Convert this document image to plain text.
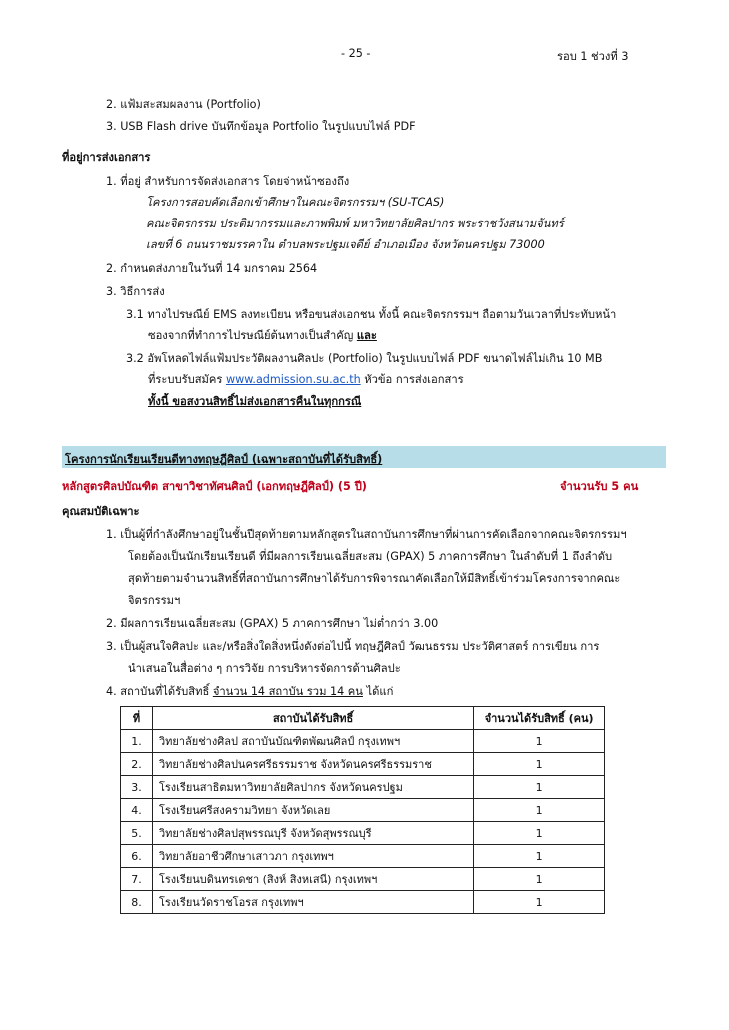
- 25 -	รอบ 1 ช่วงที่ 3
2. แฟ้มสะสมผลงาน (Portfolio)
3. USB Flash drive บันทึกข้อมูล Portfolio ในรูปแบบไฟล์ PDF
ที่อยู่การส่งเอกสาร
1. ที่อยู่ สำหรับการจัดส่งเอกสาร โดยจ่าหน้าซองถึง
โครงการสอบคัดเลือกเข้าศึกษาในคณะจิตรกรรมฯ (SU-TCAS)
คณะจิตรกรรม ประติมากรรมและภาพพิมพ์ มหาวิทยาลัยศิลปากร พระราชวังสนามจันทร์
เลขที่ 6 ถนนราชมรรคาใน ตำบลพระปฐมเจดีย์ อำเภอเมือง จังหวัดนครปฐม 73000
2. กำหนดส่งภายในวันที่ 14 มกราคม 2564
3. วิธีการส่ง
3.1 ทางไปรษณีย์ EMS ลงทะเบียน หรือขนส่งเอกชน ทั้งนี้ คณะจิตรกรรมฯ ถือตามวันเวลาที่ประทับหน้า
ซองจากที่ทำการไปรษณีย์ต้นทางเป็นสำคัญ และ
3.2 อัพโหลดไฟล์แฟ้มประวัติผลงานศิลปะ (Portfolio) ในรูปแบบไฟล์ PDF ขนาดไฟล์ไม่เกิน 10 MB
ที่ระบบรับสมัคร www.admission.su.ac.th หัวข้อ การส่งเอกสาร
ทั้งนี้ ขอสงวนสิทธิ์ไม่ส่งเอกสารคืนในทุกกรณี
โครงการนักเรียนเรียนดีทางทฤษฎีศิลป์ (เฉพาะสถาบันที่ได้รับสิทธิ์)
หลักสูตรศิลปบัณฑิต สาขาวิชาทัศนศิลป์ (เอกทฤษฎีศิลป์) (5 ปี)	จำนวนรับ 5 คน
คุณสมบัติเฉพาะ
1. เป็นผู้ที่กำลังศึกษาอยู่ในชั้นปีสุดท้ายตามหลักสูตรในสถาบันการศึกษาที่ผ่านการคัดเลือกจากคณะจิตรกรรมฯ
โดยต้องเป็นนักเรียนเรียนดี ที่มีผลการเรียนเฉลี่ยสะสม (GPAX) 5 ภาคการศึกษา ในลำดับที่ 1 ถึงลำดับ
สุดท้ายตามจำนวนสิทธิ์ที่สถาบันการศึกษาได้รับการพิจารณาคัดเลือกให้มีสิทธิ์เข้าร่วมโครงการจากคณะ
จิตรกรรมฯ
2. มีผลการเรียนเฉลี่ยสะสม (GPAX) 5 ภาคการศึกษา ไม่ต่ำกว่า 3.00
3. เป็นผู้สนใจศิลปะ และ/หรือสิ่งใดสิ่งหนึ่งดังต่อไปนี้ ทฤษฎีศิลป์ วัฒนธรรม ประวัติศาสตร์ การเขียน การ
นำเสนอในสื่อต่าง ๆ การวิจัย การบริหารจัดการด้านศิลปะ
4. สถาบันที่ได้รับสิทธิ์ จำนวน 14 สถาบัน รวม 14 คน ได้แก่
ที่	สถาบันได้รับสิทธิ์	จำนวนได้รับสิทธิ์ (คน)
1.	วิทยาลัยช่างศิลป สถาบันบัณฑิตพัฒนศิลป์ กรุงเทพฯ	1
2.	วิทยาลัยช่างศิลปนครศรีธรรมราช จังหวัดนครศรีธรรมราช	1
3.	โรงเรียนสาธิตมหาวิทยาลัยศิลปากร จังหวัดนครปฐม	1
4.	โรงเรียนศรีสงครามวิทยา จังหวัดเลย	1
5.	วิทยาลัยช่างศิลปสุพรรณบุรี จังหวัดสุพรรณบุรี	1
6.	วิทยาลัยอาชีวศึกษาเสาวภา กรุงเทพฯ	1
7.	โรงเรียนบดินทรเดชา (สิงห์ สิงหเสนี) กรุงเทพฯ	1
8.	โรงเรียนวัดราชโอรส กรุงเทพฯ	1
